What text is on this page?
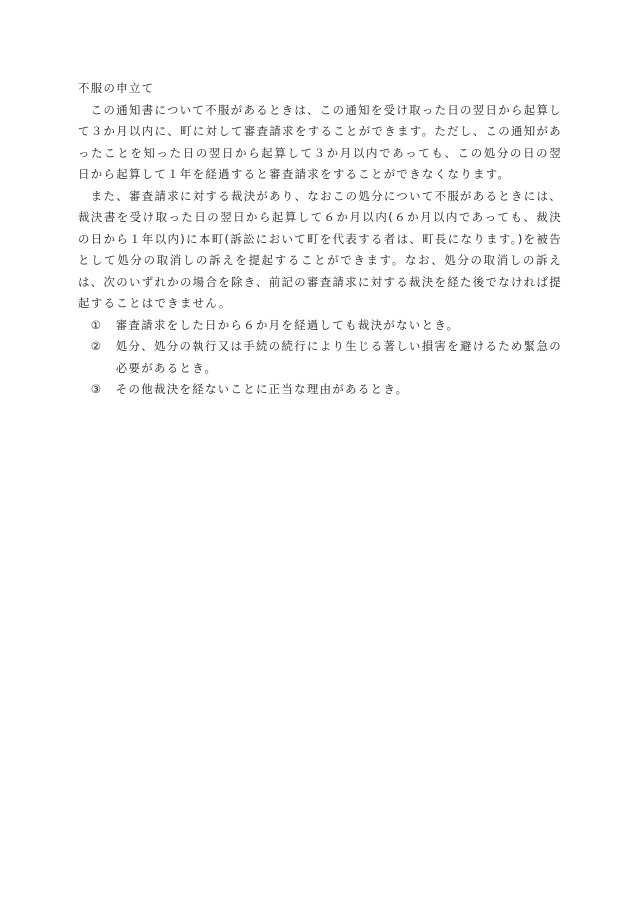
不服の申立て

この通知書について不服があるときは、この通知を受け取った日の翌日から起算して３か月以内に、町に対して審査請求をすることができます。ただし、この通知があったことを知った日の翌日から起算して３か月以内であっても、この処分の日の翌日から起算して１年を経過すると審査請求をすることができなくなります。

また、審査請求に対する裁決があり、なおこの処分について不服があるときには、裁決書を受け取った日の翌日から起算して６か月以内(６か月以内であっても、裁決の日から１年以内)に本町(訴訟において町を代表する者は、町長になります。)を被告として処分の取消しの訴えを提起することができます。なお、処分の取消しの訴えは、次のいずれかの場合を除き、前記の審査請求に対する裁決を経た後でなければ提起することはできません。

①	審査請求をした日から６か月を経過しても裁決がないとき。
②	処分、処分の執行又は手続の続行により生じる著しい損害を避けるため緊急の必要があるとき。
③	その他裁決を経ないことに正当な理由があるとき。
